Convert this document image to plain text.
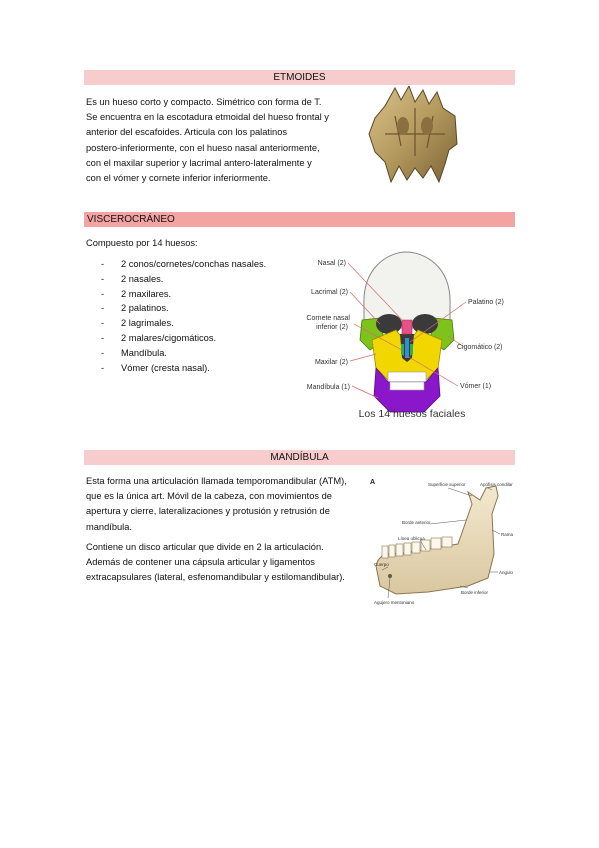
ETMOIDES
Es un hueso corto y compacto. Simétrico con forma de T.
Se encuentra en la escotadura etmoidal del hueso frontal y
anterior del escafoides. Articula con los palatinos
postero-inferiormente, con el hueso nasal anteriormente,
con el maxilar superior y lacrimal antero-lateralmente y
con el vómer y cornete inferior inferiormente.
VISCEROCRÁNEO
Compuesto por 14 huesos:
- 2 conos/cornetes/conchas nasales.
- 2 nasales.
- 2 maxilares.
- 2 palatinos.
- 2 lagrimales.
- 2 malares/cigomáticos.
- Mandíbula.
- Vómer (cresta nasal).
Nasal (2)
Lacrimal (2)
Cornete nasal
inferior (2)
Maxilar (2)
Mandíbula (1)
Palatino (2)
Cigomático (2)
Vómer (1)
Los 14 huesos faciales
MANDÍBULA
Esta forma una articulación llamada temporomandibular (ATM),
que es la única art. Móvil de la cabeza, con movimientos de
apertura y cierre, lateralizaciones y protusión y retrusión de
mandíbula.
Contiene un disco articular que divide en 2 la articulación.
Además de contener una cápsula articular y ligamentos
extracapsulares (lateral, esfenomandibular y estilomandibular).
A	Superficie superior	Apófisis condilar
Borde anterior
Rama
Línea oblicua
Cuerpo
Ángulo
Borde inferior
Agujero mentoniano
